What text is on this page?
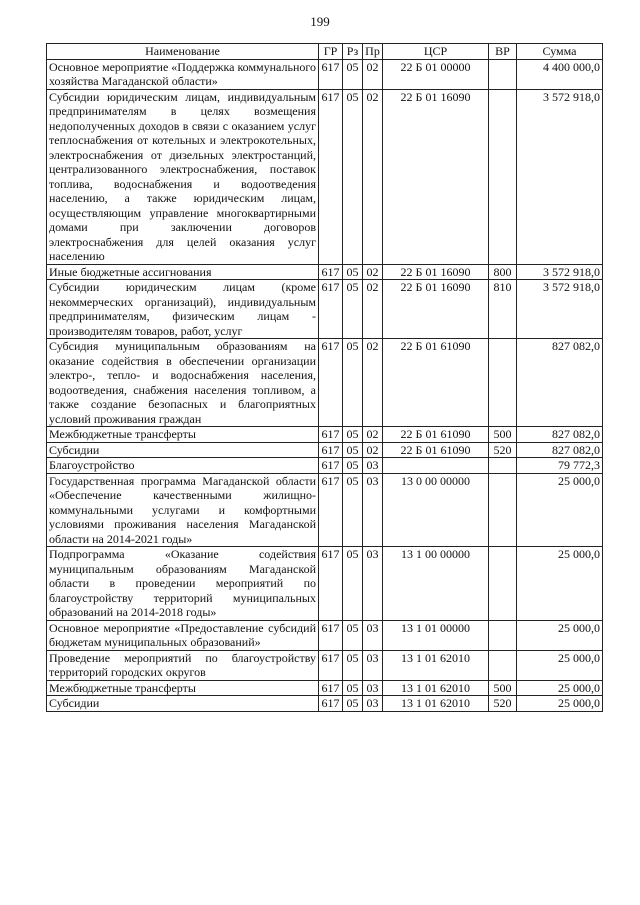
199
Наименование	ГР	Рз	Пр	ЦСР	ВР	Сумма
Основное мероприятие «Поддержка коммунального хозяйства Магаданской области»	617	05	02	22 Б 01 00000		4 400 000,0
Субсидии юридическим лицам, индивидуальным предпринимателям в целях возмещения недополученных доходов в связи с оказанием услуг теплоснабжения от котельных и электрокотельных, электроснабжения от дизельных электростанций, централизованного электроснабжения, поставок топлива, водоснабжения и водоотведения населению, а также юридическим лицам, осуществляющим управление многоквартирными домами при заключении договоров электроснабжения для целей оказания услуг населению	617	05	02	22 Б 01 16090		3 572 918,0
Иные бюджетные ассигнования	617	05	02	22 Б 01 16090	800	3 572 918,0
Субсидии юридическим лицам (кроме некоммерческих организаций), индивидуальным предпринимателям, физическим лицам - производителям товаров, работ, услуг	617	05	02	22 Б 01 16090	810	3 572 918,0
Субсидия муниципальным образованиям на оказание содействия в обеспечении организации электро-, тепло- и водоснабжения населения, водоотведения, снабжения населения топливом, а также создание безопасных и благоприятных условий проживания граждан	617	05	02	22 Б 01 61090		827 082,0
Межбюджетные трансферты	617	05	02	22 Б 01 61090	500	827 082,0
Субсидии	617	05	02	22 Б 01 61090	520	827 082,0
Благоустройство	617	05	03			79 772,3
Государственная программа Магаданской области «Обеспечение качественными жилищно-коммунальными услугами и комфортными условиями проживания населения Магаданской области на 2014-2021 годы»	617	05	03	13 0 00 00000		25 000,0
Подпрограмма «Оказание содействия муниципальным образованиям Магаданской области в проведении мероприятий по благоустройству территорий муниципальных образований на 2014-2018 годы»	617	05	03	13 1 00 00000		25 000,0
Основное мероприятие «Предоставление субсидий бюджетам муниципальных образований»	617	05	03	13 1 01 00000		25 000,0
Проведение мероприятий по благоустройству территорий городских округов	617	05	03	13 1 01 62010		25 000,0
Межбюджетные трансферты	617	05	03	13 1 01 62010	500	25 000,0
Субсидии	617	05	03	13 1 01 62010	520	25 000,0
